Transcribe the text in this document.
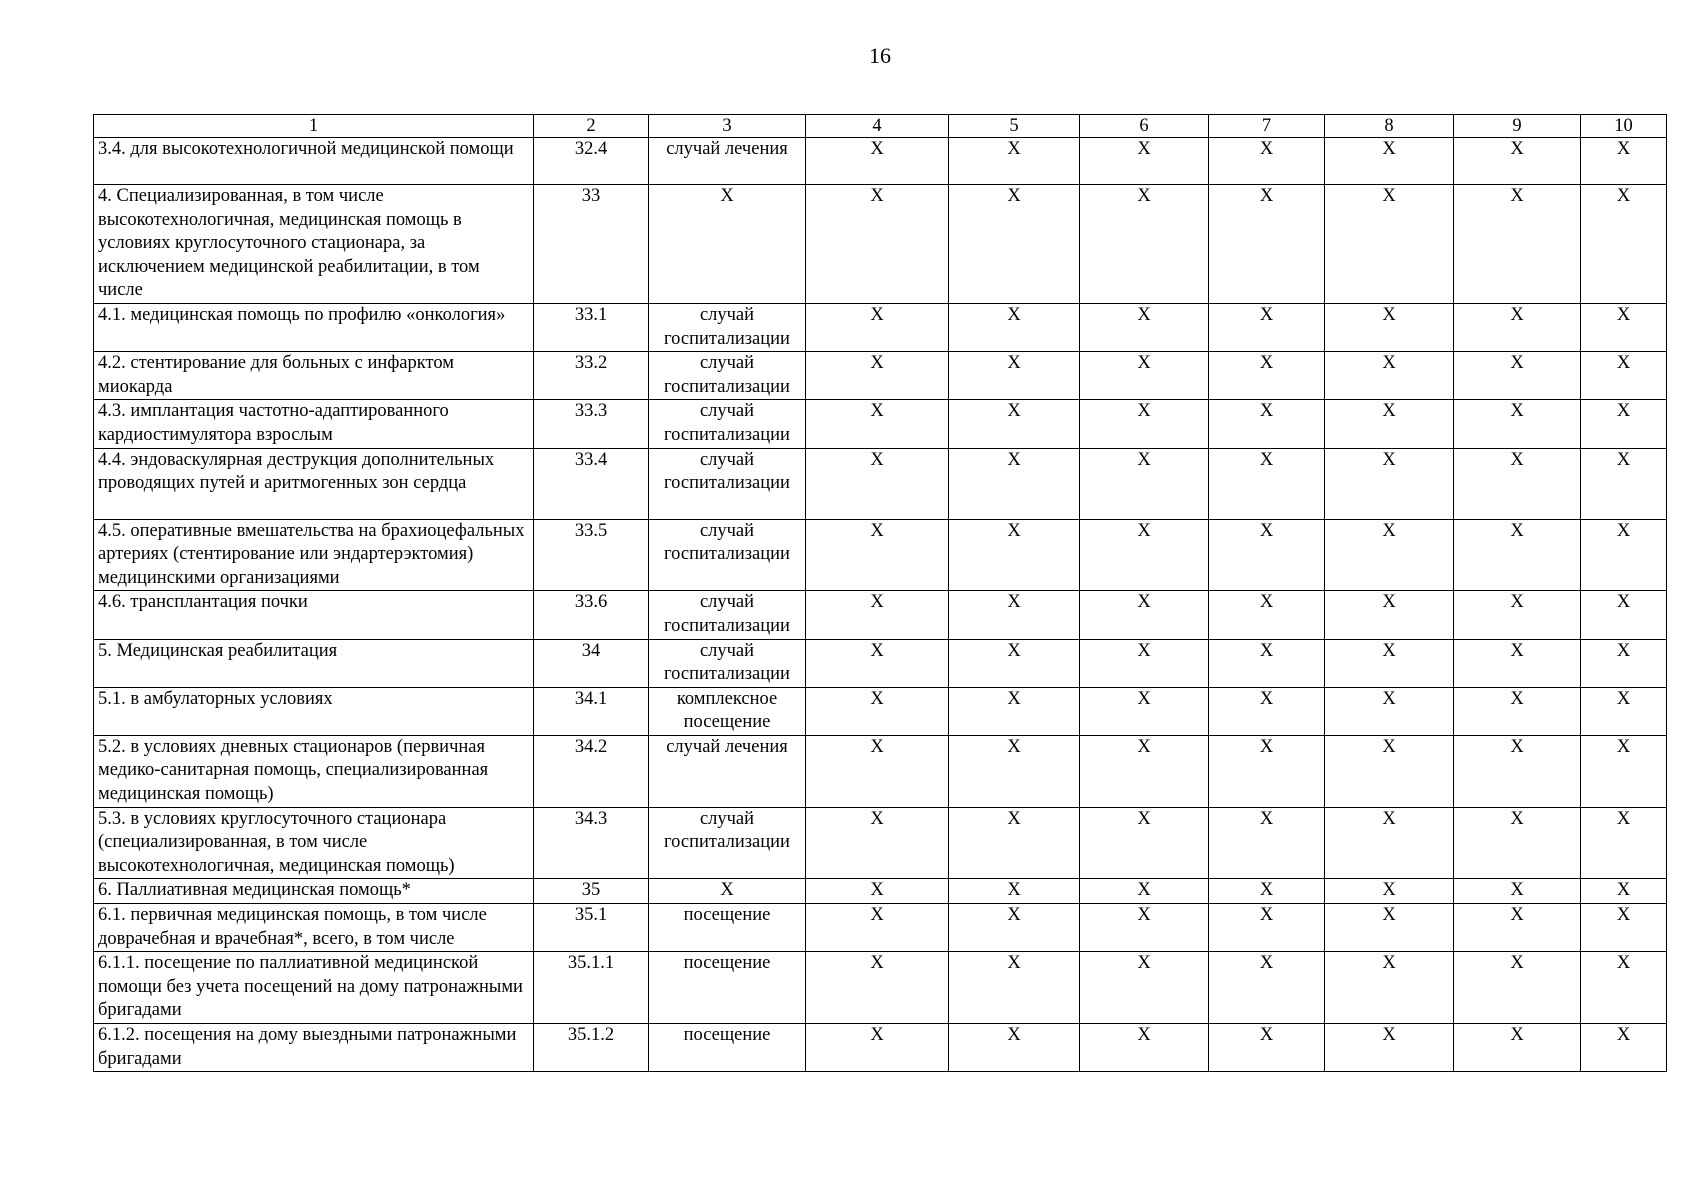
16
1	2	3	4	5	6	7	8	9	10
3.4. для высокотехнологичной медицинской помощи	32.4	случай лечения	X	X	X	X	X	X	X
4. Специализированная, в том числе высокотехнологичная, медицинская помощь в условиях круглосуточного стационара, за исключением медицинской реабилитации, в том числе	33	X	X	X	X	X	X	X	X
4.1. медицинская помощь по профилю «онкология»	33.1	случай госпитализации	X	X	X	X	X	X	X
4.2. стентирование для больных с инфарктом миокарда	33.2	случай госпитализации	X	X	X	X	X	X	X
4.3. имплантация частотно-адаптированного кардиостимулятора взрослым	33.3	случай госпитализации	X	X	X	X	X	X	X
4.4. эндоваскулярная деструкция дополнительных проводящих путей и аритмогенных зон сердца	33.4	случай госпитализации	X	X	X	X	X	X	X
4.5. оперативные вмешательства на брахиоцефальных артериях (стентирование или эндартерэктомия) медицинскими организациями	33.5	случай госпитализации	X	X	X	X	X	X	X
4.6. трансплантация почки	33.6	случай госпитализации	X	X	X	X	X	X	X
5. Медицинская реабилитация	34	случай госпитализации	X	X	X	X	X	X	X
5.1. в амбулаторных условиях	34.1	комплексное посещение	X	X	X	X	X	X	X
5.2. в условиях дневных стационаров (первичная медико-санитарная помощь, специализированная медицинская помощь)	34.2	случай лечения	X	X	X	X	X	X	X
5.3. в условиях круглосуточного стационара (специализированная, в том числе высокотехнологичная, медицинская помощь)	34.3	случай госпитализации	X	X	X	X	X	X	X
6. Паллиативная медицинская помощь*	35	X	X	X	X	X	X	X	X
6.1. первичная медицинская помощь, в том числе доврачебная и врачебная*, всего, в том числе	35.1	посещение	X	X	X	X	X	X	X
6.1.1. посещение по паллиативной медицинской помощи без учета посещений на дому патронажными бригадами	35.1.1	посещение	X	X	X	X	X	X	X
6.1.2. посещения на дому выездными патронажными бригадами	35.1.2	посещение	X	X	X	X	X	X	X
